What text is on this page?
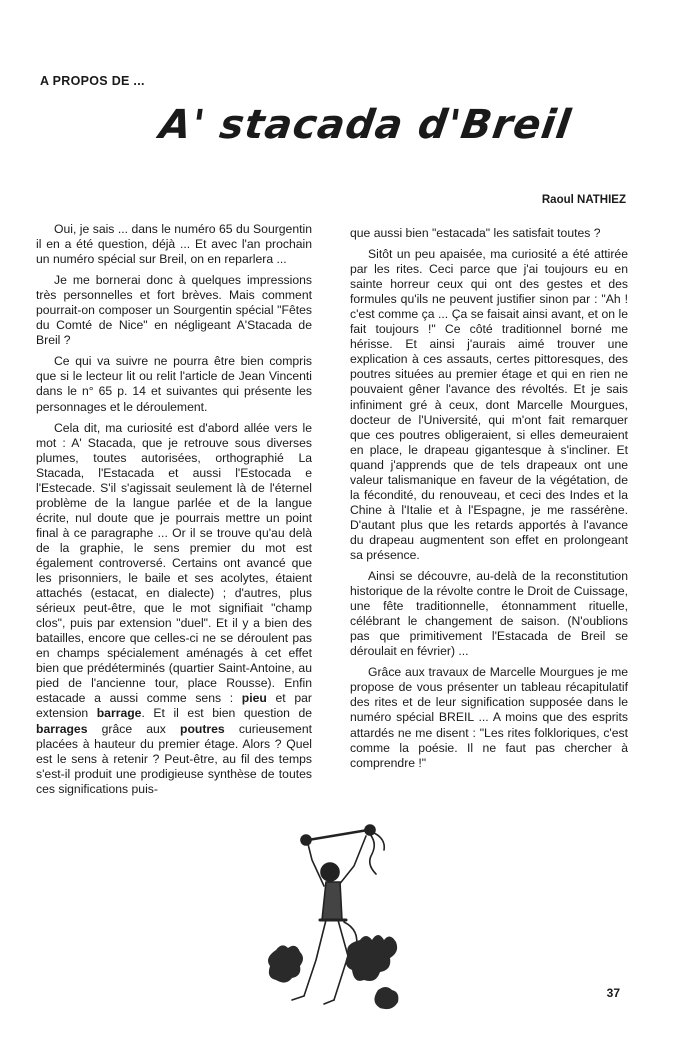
A PROPOS DE ...
A' stacada d'Breil
Raoul NATHIEZ

Oui, je sais ... dans le numéro 65 du Sourgentin il en a été question, déjà ... Et avec l'an prochain un numéro spécial sur Breil, on en reparlera ...

Je me bornerai donc à quelques impressions très personnelles et fort brèves. Mais comment pourrait-on composer un Sourgentin spécial "Fêtes du Comté de Nice" en négligeant A'Stacada de Breil ?

Ce qui va suivre ne pourra être bien compris que si le lecteur lit ou relit l'article de Jean Vincenti dans le n° 65 p. 14 et suivantes qui présente les personnages et le déroulement.

Cela dit, ma curiosité est d'abord allée vers le mot : A' Stacada, que je retrouve sous diverses plumes, toutes autorisées, orthographié La Stacada, l'Estacada et aussi l'Estocada e l'Estecade. S'il s'agissait seulement là de l'éternel problème de la langue parlée et de la langue écrite, nul doute que je pourrais mettre un point final à ce paragraphe ... Or il se trouve qu'au delà de la graphie, le sens premier du mot est également controversé. Certains ont avancé que les prisonniers, le baile et ses acolytes, étaient attachés (estacat, en dialecte) ; d'autres, plus sérieux peut-être, que le mot signifiait "champ clos", puis par extension "duel". Et il y a bien des batailles, encore que celles-ci ne se déroulent pas en champs spécialement aménagés à cet effet bien que prédéterminés (quartier Saint-Antoine, au pied de l'ancienne tour, place Rousse). Enfin estacade a aussi comme sens : pieu et par extension barrage. Et il est bien question de barrages grâce aux poutres curieusement placées à hauteur du premier étage. Alors ? Quel est le sens à retenir ? Peut-être, au fil des temps s'est-il produit une prodigieuse synthèse de toutes ces significations puis-

que aussi bien "estacada" les satisfait toutes ?

Sitôt un peu apaisée, ma curiosité a été attirée par les rites. Ceci parce que j'ai toujours eu en sainte horreur ceux qui ont des gestes et des formules qu'ils ne peuvent justifier sinon par : "Ah ! c'est comme ça ... Ça se faisait ainsi avant, et on le fait toujours !" Ce côté traditionnel borné me hérisse. Et ainsi j'aurais aimé trouver une explication à ces assauts, certes pittoresques, des poutres situées au premier étage et qui en rien ne pouvaient gêner l'avance des révoltés. Et je sais infiniment gré à ceux, dont Marcelle Mourgues, docteur de l'Université, qui m'ont fait remarquer que ces poutres obligeraient, si elles demeuraient en place, le drapeau gigantesque à s'incliner. Et quand j'apprends que de tels drapeaux ont une valeur talismanique en faveur de la végétation, de la fécondité, du renouveau, et ceci des Indes et la Chine à l'Italie et à l'Espagne, je me rassérène. D'autant plus que les retards apportés à l'avance du drapeau augmentent son effet en prolongeant sa présence.

Ainsi se découvre, au-delà de la reconstitution historique de la révolte contre le Droit de Cuissage, une fête traditionnelle, étonnamment rituelle, célébrant le changement de saison. (N'oublions pas que primitivement l'Estacada de Breil se déroulait en février) ...

Grâce aux travaux de Marcelle Mourgues je me propose de vous présenter un tableau récapitulatif des rites et de leur signification supposée dans le numéro spécial BREIL ... A moins que des esprits attardés ne me disent : "Les rites folkloriques, c'est comme la poésie. Il ne faut pas chercher à comprendre !"

37
